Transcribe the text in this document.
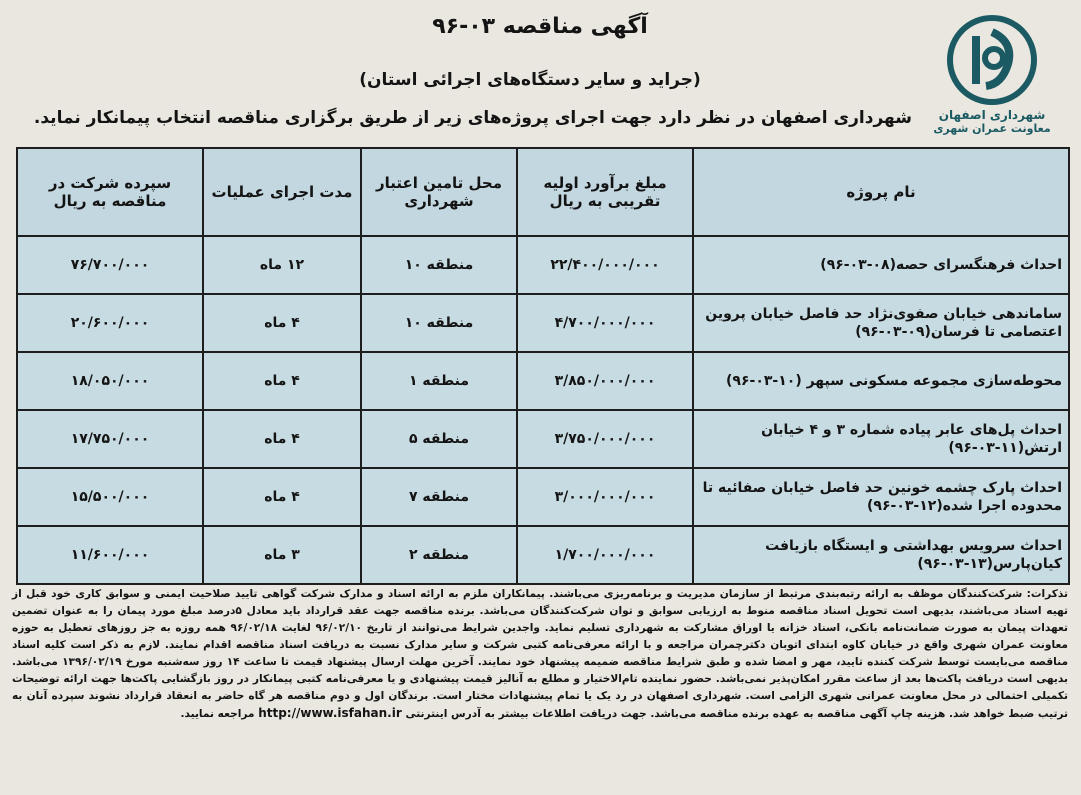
شهرداری اصفهان
معاونت عمران شهری
آگهی مناقصه ۰۳-۹۶
(جراید و سایر دستگاه‌های اجرائی استان)
شهرداری اصفهان در نظر دارد جهت اجرای پروژه‌های زیر از طریق برگزاری مناقصه انتخاب پیمانکار نماید.
نام پروژه	مبلغ برآورد اولیه تقریبی به ریال	محل تامین اعتبار شهرداری	مدت اجرای عملیات	سپرده شرکت در مناقصه به ریال
احداث فرهنگسرای حصه(۰۸-۰۳-۹۶)	۲۲/۴۰۰/۰۰۰/۰۰۰	منطقه ۱۰	۱۲ ماه	۷۶/۷۰۰/۰۰۰
ساماندهی خیابان صفوی‌نژاد حد فاصل خیابان پروین اعتصامی تا فرسان(۰۹-۰۳-۹۶)	۴/۷۰۰/۰۰۰/۰۰۰	منطقه ۱۰	۴ ماه	۲۰/۶۰۰/۰۰۰
محوطه‌سازی مجموعه مسکونی سپهر (۱۰-۰۳-۹۶)	۳/۸۵۰/۰۰۰/۰۰۰	منطقه ۱	۴ ماه	۱۸/۰۵۰/۰۰۰
احداث پل‌های عابر پیاده شماره ۳ و ۴ خیابان ارتش(۱۱-۰۳-۹۶)	۳/۷۵۰/۰۰۰/۰۰۰	منطقه ۵	۴ ماه	۱۷/۷۵۰/۰۰۰
احداث پارک چشمه خونین حد فاصل خیابان صفائیه تا محدوده اجرا شده(۱۲-۰۳-۹۶)	۳/۰۰۰/۰۰۰/۰۰۰	منطقه ۷	۴ ماه	۱۵/۵۰۰/۰۰۰
احداث سرویس بهداشتی و ایستگاه بازیافت کیان‌پارس(۱۳-۰۳-۹۶)	۱/۷۰۰/۰۰۰/۰۰۰	منطقه ۲	۳ ماه	۱۱/۶۰۰/۰۰۰
تذکرات: شرکت‌کنندگان موظف به ارائه رتبه‌بندی مرتبط از سازمان مدیریت و برنامه‌ریزی می‌باشند. پیمانکاران ملزم به ارائه اسناد و مدارک شرکت گواهی تایید صلاحیت ایمنی و سوابق کاری خود قبل از تهیه اسناد می‌باشند، بدیهی است تحویل اسناد مناقصه منوط به ارزیابی سوابق و توان شرکت‌کنندگان می‌باشد. برنده مناقصه جهت عقد قرارداد باید معادل ۵درصد مبلغ مورد پیمان را به عنوان تضمین تعهدات پیمان به صورت ضمانت‌نامه بانکی، اسناد خزانه یا اوراق مشارکت به شهرداری تسلیم نماید. واجدین شرایط می‌توانند از تاریخ ۹۶/۰۲/۱۰ لغایت ۹۶/۰۲/۱۸ همه روزه به جز روزهای تعطیل به حوزه معاونت عمران شهری واقع در خیابان کاوه ابتدای اتوبان دکترچمران مراجعه و با ارائه معرفی‌نامه کتبی شرکت و سایر مدارک نسبت به دریافت اسناد مناقصه اقدام نمایند. لازم به ذکر است کلیه اسناد مناقصه می‌بایست توسط شرکت کننده تایید، مهر و امضا شده و طبق شرایط مناقصه ضمیمه پیشنهاد خود نمایند. آخرین مهلت ارسال پیشنهاد قیمت تا ساعت ۱۴ روز سه‌شنبه مورخ ۱۳۹۶/۰۲/۱۹ می‌باشد. بدیهی است دریافت پاکت‌ها بعد از ساعت مقرر امکان‌پذیر نمی‌باشد. حضور نماینده تام‌الاختیار و مطلع به آنالیز قیمت پیشنهادی و یا معرفی‌نامه کتبی پیمانکار در روز بازگشایی پاکت‌ها جهت ارائه توضیحات تکمیلی احتمالی در محل معاونت عمرانی شهری الزامی است. شهرداری اصفهان در رد یک یا تمام پیشنهادات مختار است. برندگان اول و دوم مناقصه هر گاه حاضر به انعقاد قرارداد نشوند سپرده آنان به ترتیب ضبط خواهد شد. هزینه چاپ آگهی مناقصه به عهده برنده مناقصه می‌باشد. جهت دریافت اطلاعات بیشتر به آدرس اینترنتی http://www.isfahan.ir مراجعه نمایید.
